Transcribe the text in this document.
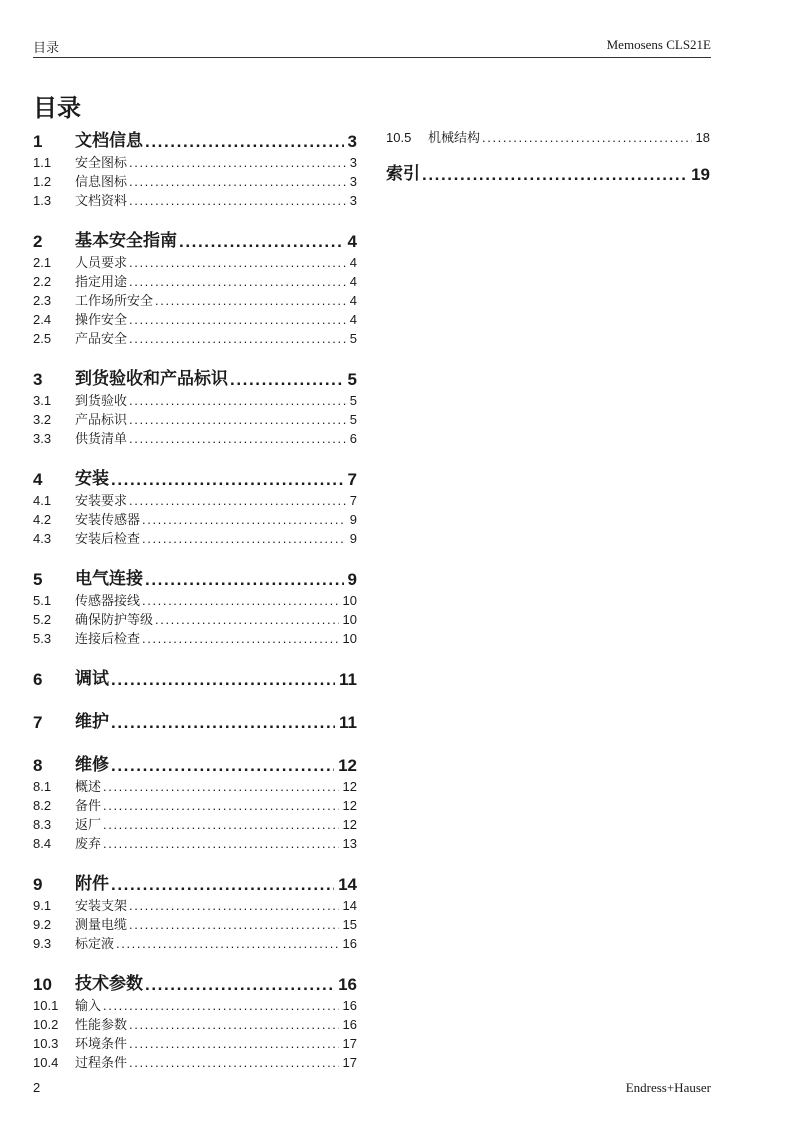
目录	Memosens CLS21E
目录
1	文档信息 .....	3
1.1	安全图标 .....	3
1.2	信息图标 .....	3
1.3	文档资料 .....	3
2	基本安全指南 .....	4
2.1	人员要求 .....	4
2.2	指定用途 .....	4
2.3	工作场所安全 .....	4
2.4	操作安全 .....	4
2.5	产品安全 .....	5
3	到货验收和产品标识 .....	5
3.1	到货验收 .....	5
3.2	产品标识 .....	5
3.3	供货清单 .....	6
4	安装 .....	7
4.1	安装要求 .....	7
4.2	安装传感器 .....	9
4.3	安装后检查 .....	9
5	电气连接 .....	9
5.1	传感器接线 .....	10
5.2	确保防护等级 .....	10
5.3	连接后检查 .....	10
6	调试 .....	11
7	维护 .....	11
8	维修 .....	12
8.1	概述 .....	12
8.2	备件 .....	12
8.3	返厂 .....	12
8.4	废弃 .....	13
9	附件 .....	14
9.1	安装支架 .....	14
9.2	测量电缆 .....	15
9.3	标定液 .....	16
10	技术参数 .....	16
10.1	输入 .....	16
10.2	性能参数 .....	16
10.3	环境条件 .....	17
10.4	过程条件 .....	17
10.5	机械结构 .....	18
索引 .....	19
2	Endress+Hauser
